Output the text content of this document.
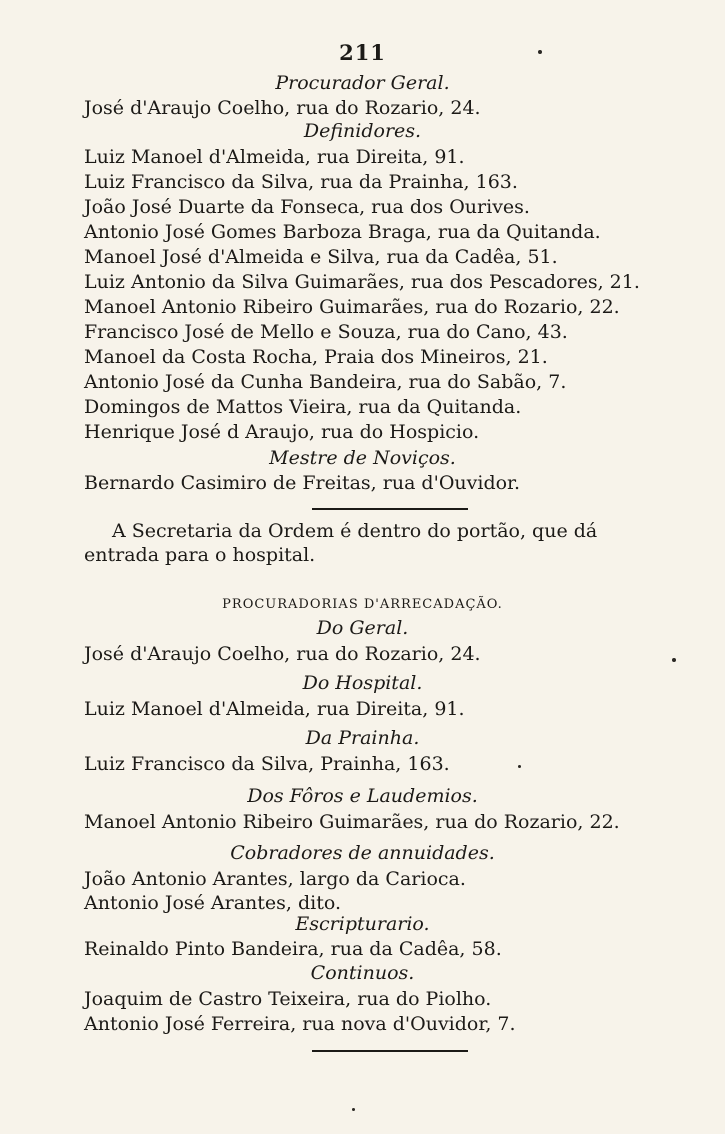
211
Procurador Geral.
José d'Araujo Coelho, rua do Rozario, 24.
Definidores.
Luiz Manoel d'Almeida, rua Direita, 91.
Luiz Francisco da Silva, rua da Prainha, 163.
João José Duarte da Fonseca, rua dos Ourives.
Antonio José Gomes Barboza Braga, rua da Quitanda.
Manoel José d'Almeida e Silva, rua da Cadêa, 51.
Luiz Antonio da Silva Guimarães, rua dos Pescadores, 21.
Manoel Antonio Ribeiro Guimarães, rua do Rozario, 22.
Francisco José de Mello e Souza, rua do Cano, 43.
Manoel da Costa Rocha, Praia dos Mineiros, 21.
Antonio José da Cunha Bandeira, rua do Sabão, 7.
Domingos de Mattos Vieira, rua da Quitanda.
Henrique José d Araujo, rua do Hospicio.
Mestre de Noviços.
Bernardo Casimiro de Freitas, rua d'Ouvidor.
A Secretaria da Ordem é dentro do portão, que dá
entrada para o hospital.
PROCURADORIAS D'ARRECADAÇÃO.
Do Geral.
José d'Araujo Coelho, rua do Rozario, 24.
Do Hospital.
Luiz Manoel d'Almeida, rua Direita, 91.
Da Prainha.
Luiz Francisco da Silva, Prainha, 163.
Dos Fôros e Laudemios.
Manoel Antonio Ribeiro Guimarães, rua do Rozario, 22.
Cobradores de annuidades.
João Antonio Arantes, largo da Carioca.
Antonio José Arantes, dito.
Escripturario.
Reinaldo Pinto Bandeira, rua da Cadêa, 58.
Continuos.
Joaquim de Castro Teixeira, rua do Piolho.
Antonio José Ferreira, rua nova d'Ouvidor, 7.
